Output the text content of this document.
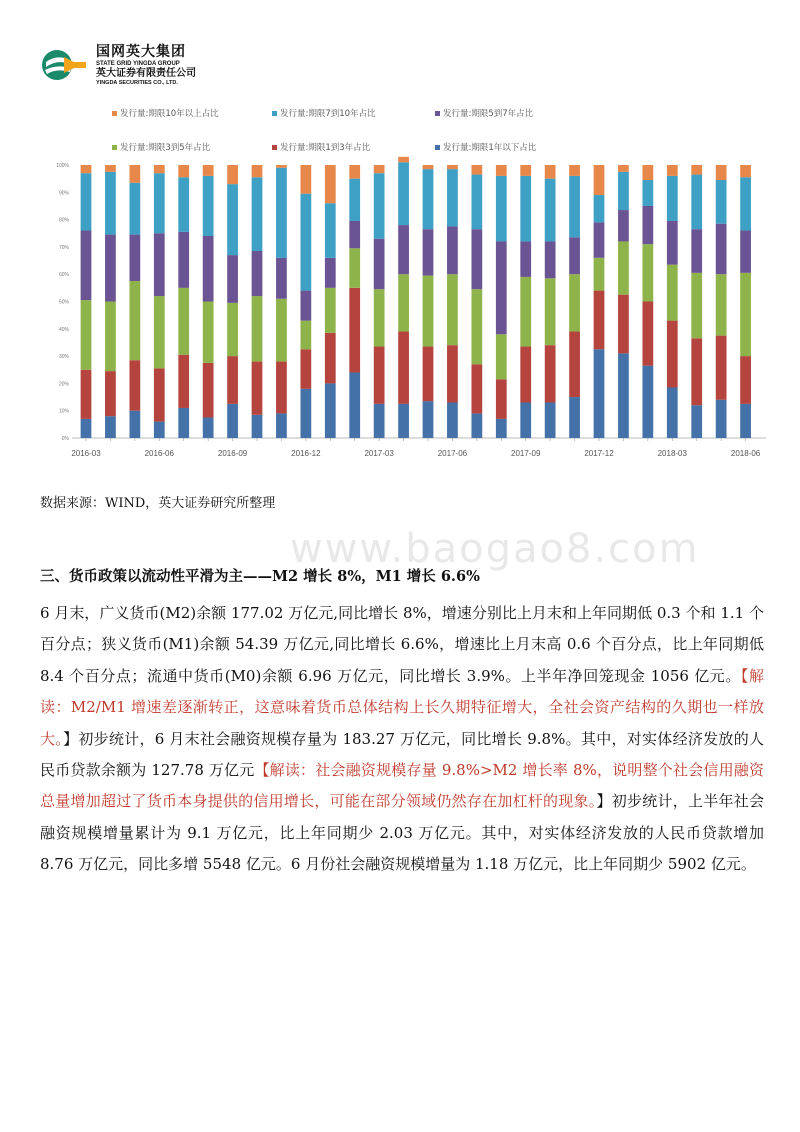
国网英大集团
STATE GRID YINGDA GROUP
英大证券有限责任公司
YINGDA SECURITIES CO., LTD.
发行量:期限10年以上占比	发行量:期限7到10年占比	发行量:期限5到7年占比
发行量:期限3到5年占比	发行量:期限1到3年占比	发行量:期限1年以下占比
0%
10%
20%
30%
40%
50%
60%
70%
80%
90%
100%
2016-03	2016-06	2016-09	2016-12	2017-03	2017-06	2017-09	2017-12	2018-03	2018-06
数据来源：WIND，英大证券研究所整理
www.baogao8.com
三、货币政策以流动性平滑为主——M2 增长 8%，M1 增长 6.6%
6 月末，广义货币(M2)余额 177.02 万亿元,同比增长 8%，增速分别比上月末和上年同期低 0.3 个和 1.1 个百分点；狭义货币(M1)余额 54.39 万亿元,同比增长 6.6%，增速比上月末高 0.6 个百分点，比上年同期低 8.4 个百分点；流通中货币(M0)余额 6.96 万亿元，同比增长 3.9%。上半年净回笼现金 1056 亿元。【解读：M2/M1 增速差逐渐转正，这意味着货币总体结构上长久期特征增大，全社会资产结构的久期也一样放大。】初步统计，6 月末社会融资规模存量为 183.27 万亿元，同比增长 9.8%。其中，对实体经济发放的人民币贷款余额为 127.78 万亿元【解读：社会融资规模存量 9.8%>M2 增长率 8%，说明整个社会信用融资总量增加超过了货币本身提供的信用增长，可能在部分领域仍然存在加杠杆的现象。】初步统计，上半年社会融资规模增量累计为 9.1 万亿元，比上年同期少 2.03 万亿元。其中，对实体经济发放的人民币贷款增加 8.76 万亿元，同比多增 5548 亿元。6 月份社会融资规模增量为 1.18 万亿元，比上年同期少 5902 亿元。
